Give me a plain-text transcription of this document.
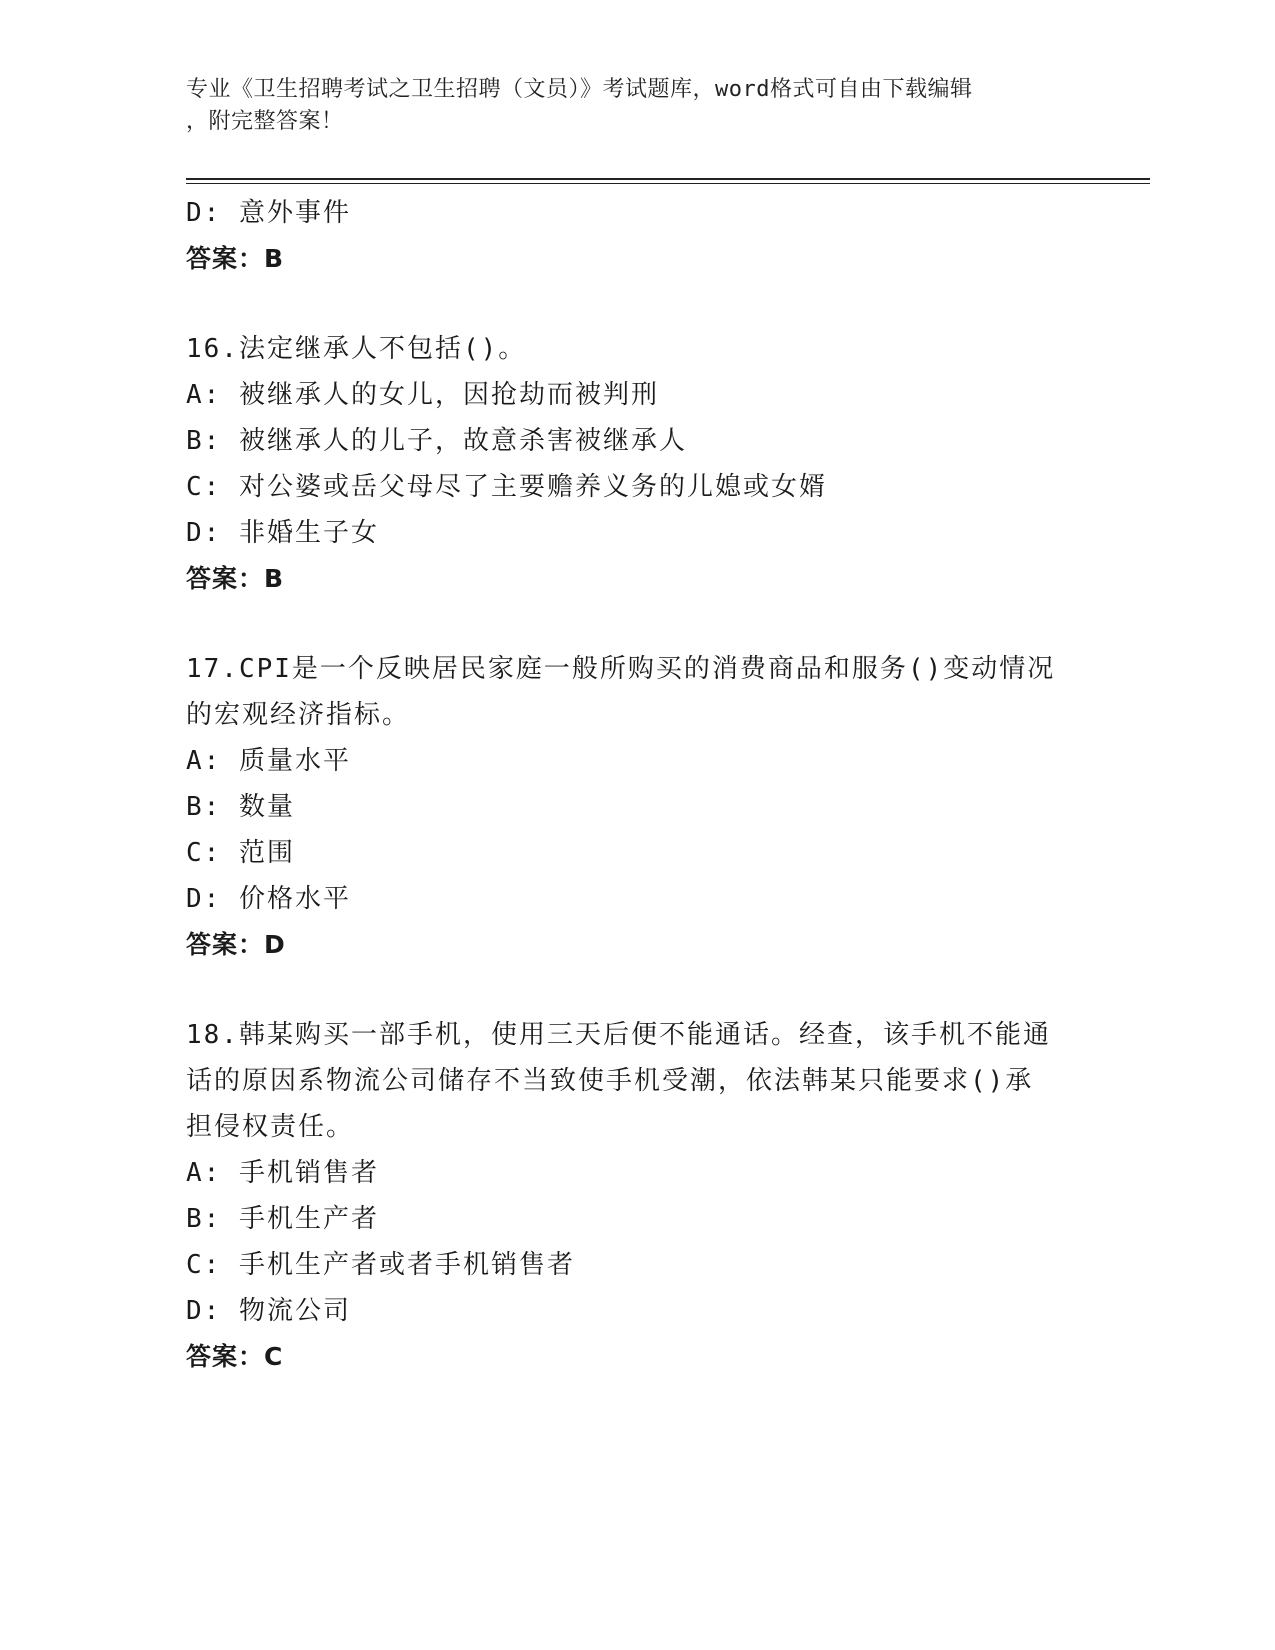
专业《卫生招聘考试之卫生招聘（文员）》考试题库，word格式可自由下载编辑
，附完整答案！
D: 意外事件
答案：B
16.法定继承人不包括()。
A: 被继承人的女儿，因抢劫而被判刑
B: 被继承人的儿子，故意杀害被继承人
C: 对公婆或岳父母尽了主要赡养义务的儿媳或女婿
D: 非婚生子女
答案：B
17.CPI是一个反映居民家庭一般所购买的消费商品和服务()变动情况
的宏观经济指标。
A: 质量水平
B: 数量
C: 范围
D: 价格水平
答案：D
18.韩某购买一部手机，使用三天后便不能通话。经查，该手机不能通
话的原因系物流公司储存不当致使手机受潮，依法韩某只能要求()承
担侵权责任。
A: 手机销售者
B: 手机生产者
C: 手机生产者或者手机销售者
D: 物流公司
答案：C
